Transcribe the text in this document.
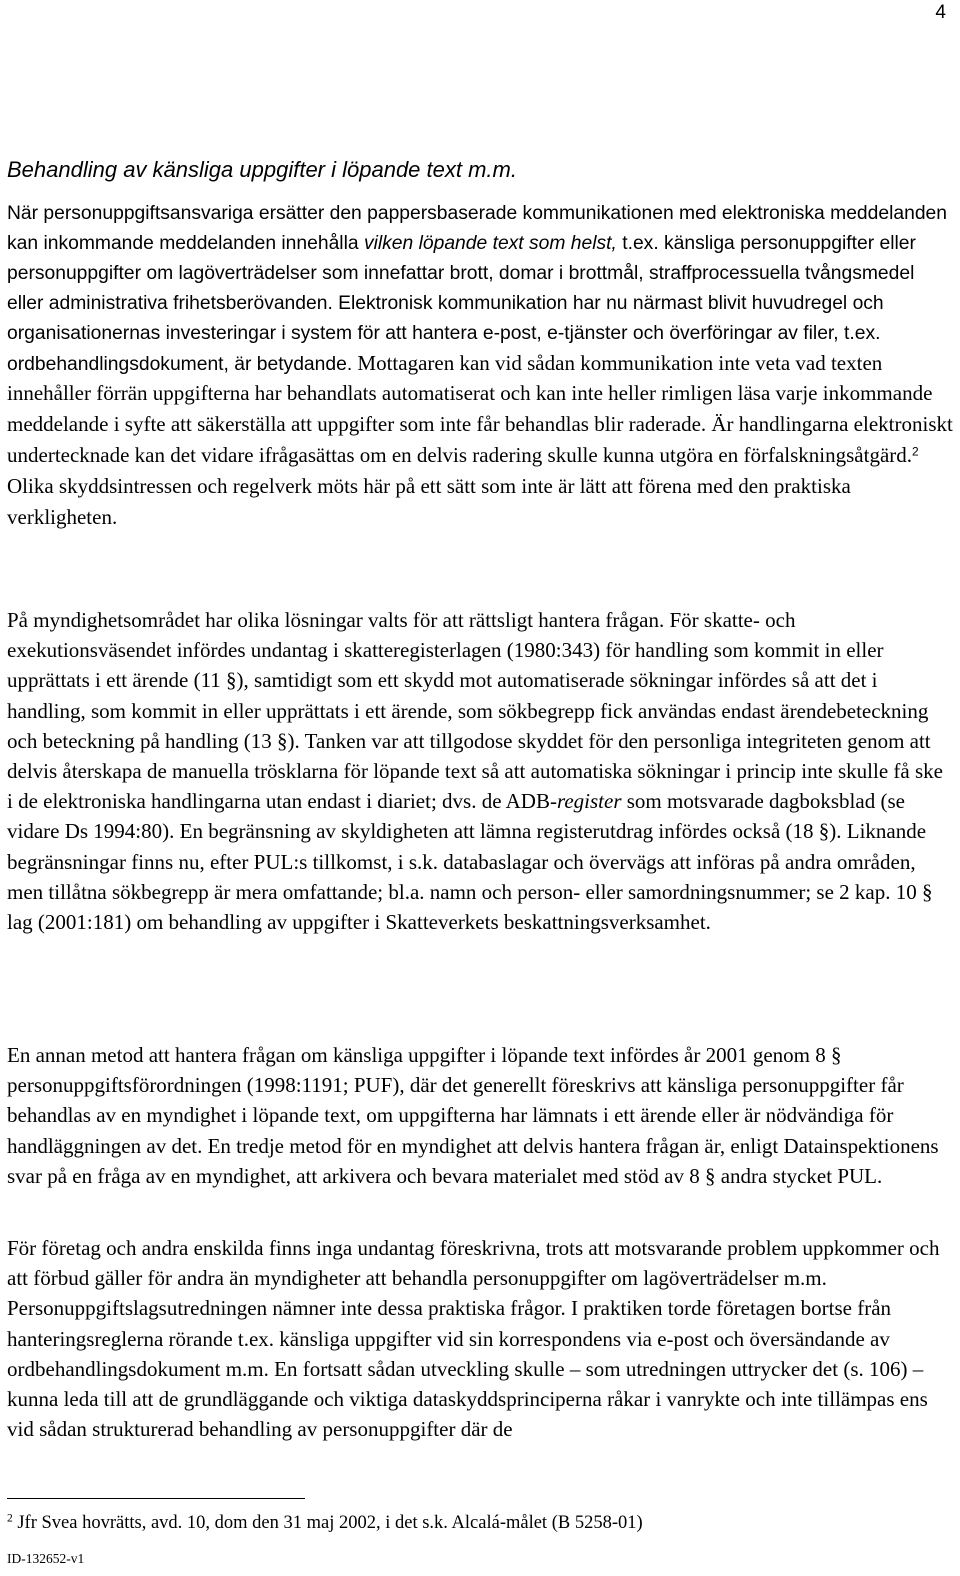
4
Behandling av känsliga uppgifter i löpande text m.m.

När personuppgiftsansvariga ersätter den pappersbaserade kommunikationen med elektroniska meddelanden kan inkommande meddelanden innehålla vilken löpande text som helst, t.ex. känsliga personuppgifter eller personuppgifter om lagöverträdelser som innefattar brott, domar i brottmål, straffprocessuella tvångsmedel eller administrativa frihetsberövanden. Elektronisk kommunikation har nu närmast blivit huvudregel och organisationernas investeringar i system för att hantera e-post, e-tjänster och överföringar av filer, t.ex. ordbehandlingsdokument, är betydande. Mottagaren kan vid sådan kommunikation inte veta vad texten innehåller förrän uppgifterna har behandlats automatiserat och kan inte heller rimligen läsa varje inkommande meddelande i syfte att säkerställa att uppgifter som inte får behandlas blir raderade. Är handlingarna elektroniskt undertecknade kan det vidare ifrågasättas om en delvis radering skulle kunna utgöra en förfalskningsåtgärd.$^2$ Olika skyddsintressen och regelverk möts här på ett sätt som inte är lätt att förena med den praktiska verkligheten.

På myndighetsområdet har olika lösningar valts för att rättsligt hantera frågan. För skatte- och exekutionsväsendet infördes undantag i skatteregisterlagen (1980:343) för handling som kommit in eller upprättats i ett ärende (11 §), samtidigt som ett skydd mot automatiserade sökningar infördes så att det i handling, som kommit in eller upprättats i ett ärende, som sökbegrepp fick användas endast ärendebeteckning och beteckning på handling (13 §). Tanken var att tillgodose skyddet för den personliga integriteten genom att delvis återskapa de manuella trösklarna för löpande text så att automatiska sökningar i princip inte skulle få ske i de elektroniska handlingarna utan endast i diariet; dvs. de ADB-register som motsvarade dagboksblad (se vidare Ds 1994:80). En begränsning av skyldigheten att lämna registerutdrag infördes också (18 §). Liknande begränsningar finns nu, efter PUL:s tillkomst, i s.k. databaslagar och övervägs att införas på andra områden, men tillåtna sökbegrepp är mera omfattande; bl.a. namn och person- eller samordningsnummer; se 2 kap. 10 § lag (2001:181) om behandling av uppgifter i Skatteverkets beskattningsverksamhet.

En annan metod att hantera frågan om känsliga uppgifter i löpande text infördes år 2001 genom 8 § personuppgiftsförordningen (1998:1191; PUF), där det generellt föreskrivs att känsliga personuppgifter får behandlas av en myndighet i löpande text, om uppgifterna har lämnats i ett ärende eller är nödvändiga för handläggningen av det. En tredje metod för en myndighet att delvis hantera frågan är, enligt Datainspektionens svar på en fråga av en myndighet, att arkivera och bevara materialet med stöd av 8 § andra stycket PUL.

För företag och andra enskilda finns inga undantag föreskrivna, trots att motsvarande problem uppkommer och att förbud gäller för andra än myndigheter att behandla personuppgifter om lagöverträdelser m.m. Personuppgiftslagsutredningen nämner inte dessa praktiska frågor. I praktiken torde företagen bortse från hanteringsreglerna rörande t.ex. känsliga uppgifter vid sin korrespondens via e-post och översändande av ordbehandlingsdokument m.m. En fortsatt sådan utveckling skulle – som utredningen uttrycker det (s. 106) – kunna leda till att de grundläggande och viktiga dataskyddsprinciperna råkar i vanrykte och inte tillämpas ens vid sådan strukturerad behandling av personuppgifter där de

$^2$ Jfr Svea hovrätts, avd. 10, dom den 31 maj 2002, i det s.k. Alcalá-målet (B 5258-01)

ID-132652-v1
